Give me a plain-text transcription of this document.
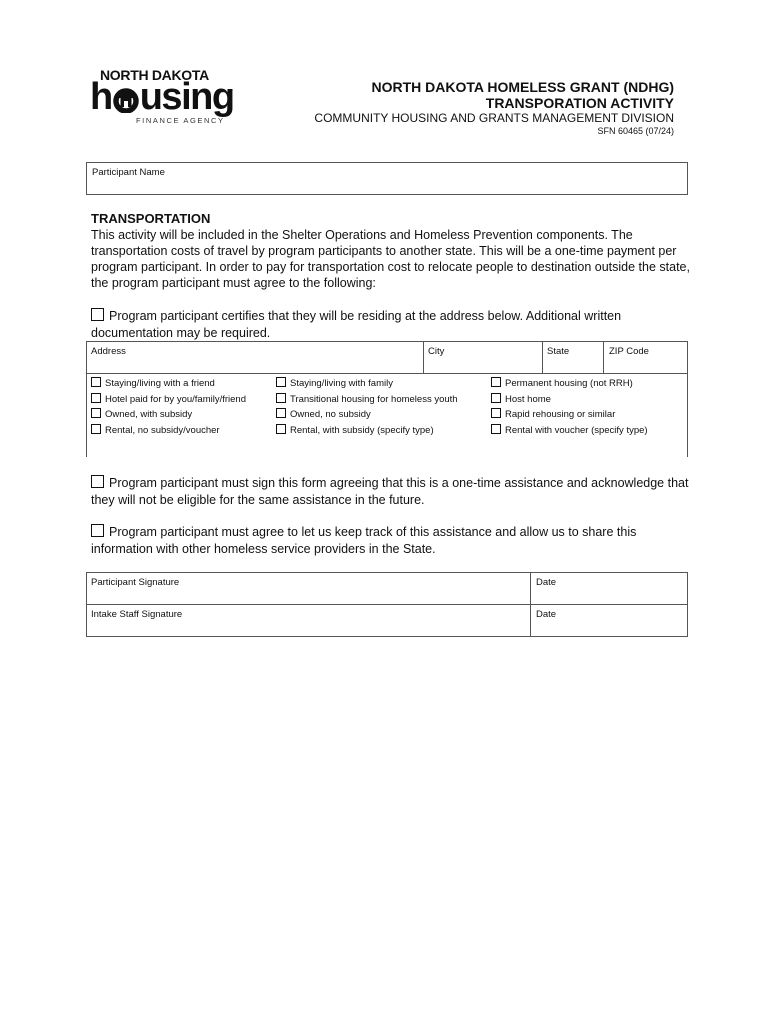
NORTH DAKOTA
h using
FINANCE AGENCY
NORTH DAKOTA HOMELESS GRANT (NDHG)
TRANSPORATION ACTIVITY
COMMUNITY HOUSING AND GRANTS MANAGEMENT DIVISION
SFN 60465 (07/24)
Participant Name
TRANSPORTATION
This activity will be included in the Shelter Operations and Homeless Prevention components. The transportation costs of travel by program participants to another state. This will be a one-time payment per program participant. In order to pay for transportation cost to relocate people to destination outside the state, the program participant must agree to the following:
Program participant certifies that they will be residing at the address below. Additional written documentation may be required.
Address	City	State	ZIP Code
Staying/living with a friend
Hotel paid for by you/family/friend
Owned, with subsidy
Rental, no subsidy/voucher
Staying/living with family
Transitional housing for homeless youth
Owned, no subsidy
Rental, with subsidy (specify type)
Permanent housing (not RRH)
Host home
Rapid rehousing or similar
Rental with voucher (specify type)
Program participant must sign this form agreeing that this is a one-time assistance and acknowledge that they will not be eligible for the same assistance in the future.
Program participant must agree to let us keep track of this assistance and allow us to share this information with other homeless service providers in the State.
Participant Signature	Date
Intake Staff Signature	Date
